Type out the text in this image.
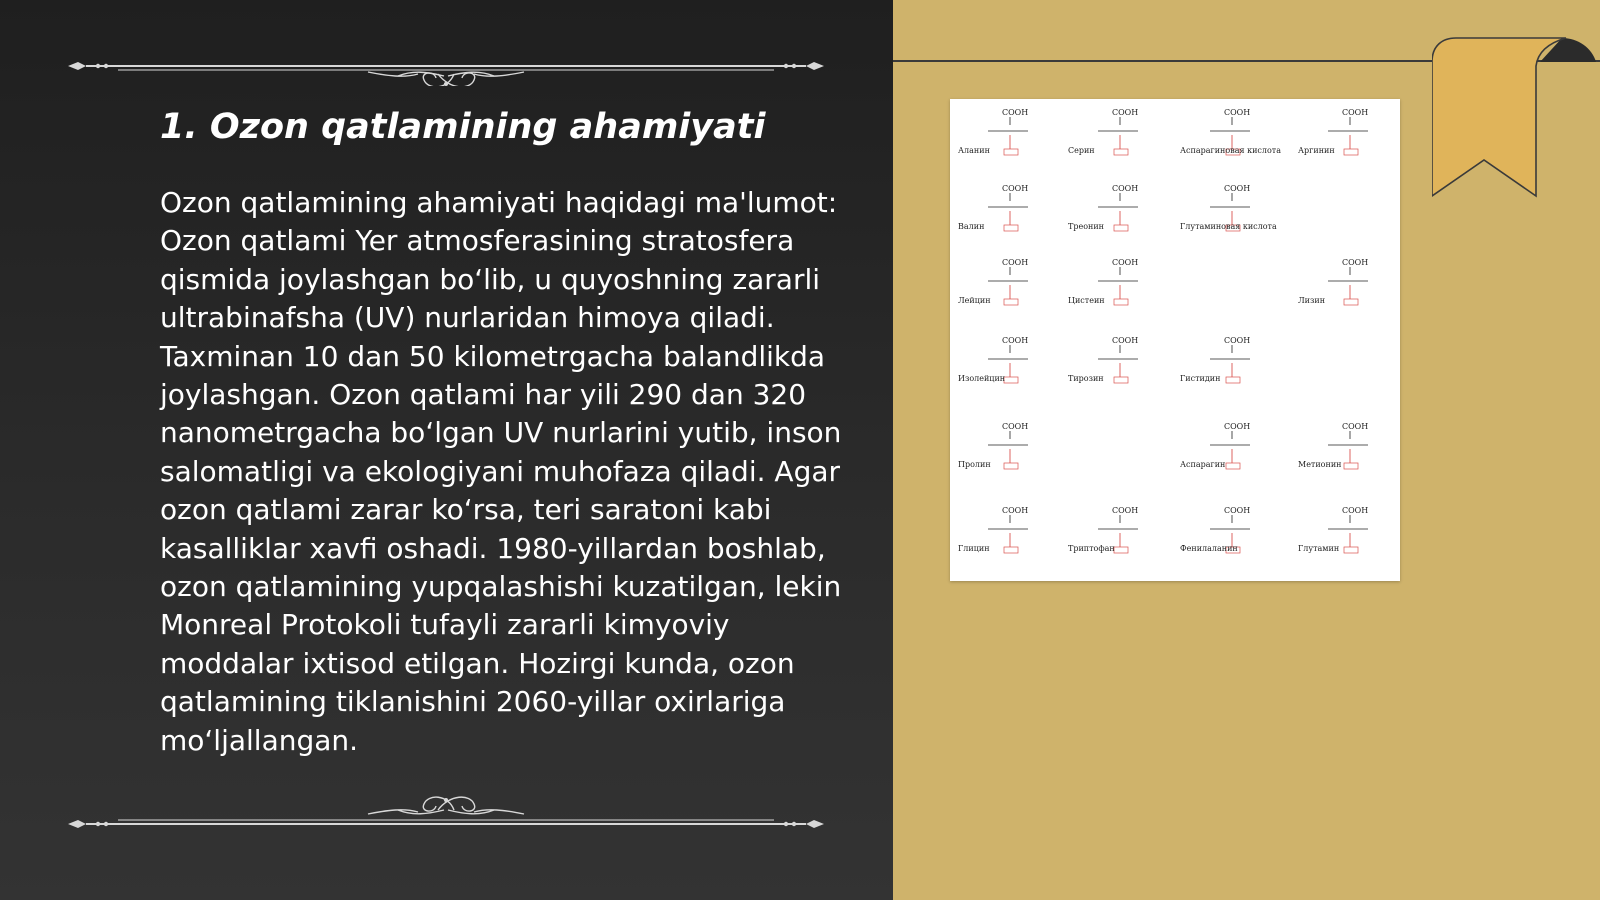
1. Ozon qatlamining ahamiyati

Ozon qatlamining ahamiyati haqidagi ma'lumot: Ozon qatlami Yer atmosferasining stratosfera qismida joylashgan bo‘lib, u quyoshning zararli ultrabinafsha (UV) nurlaridan himoya qiladi. Taxminan 10 dan 50 kilometrgacha balandlikda joylashgan. Ozon qatlami har yili 290 dan 320 nanometrgacha bo‘lgan UV nurlarini yutib, inson salomatligi va ekologiyani muhofaza qiladi. Agar ozon qatlami zarar ko‘rsa, teri saratoni kabi kasalliklar xavfi oshadi. 1980-yillardan boshlab, ozon qatlamining yupqalashishi kuzatilgan, lekin Monreal Protokoli tufayli zararli kimyoviy moddalar ixtisod etilgan. Hozirgi kunda, ozon qatlamining tiklanishini 2060-yillar oxirlariga mo‘ljallangan.

COOH
Аланин
COOH
Серин
COOH
Аспарагиновая кислота
COOH
Аргинин
COOH
Валин
COOH
Треонин
COOH
Глутаминовая кислота
COOH
Лейцин
COOH
Цистеин
COOH
Лизин
COOH
Изолейцин
COOH
Тирозин
COOH
Гистидин
COOH
Пролин
COOH
Аспарагин
COOH
Метионин
COOH
Глицин
COOH
Триптофан
COOH
Фенилаланин
COOH
Глутамин
